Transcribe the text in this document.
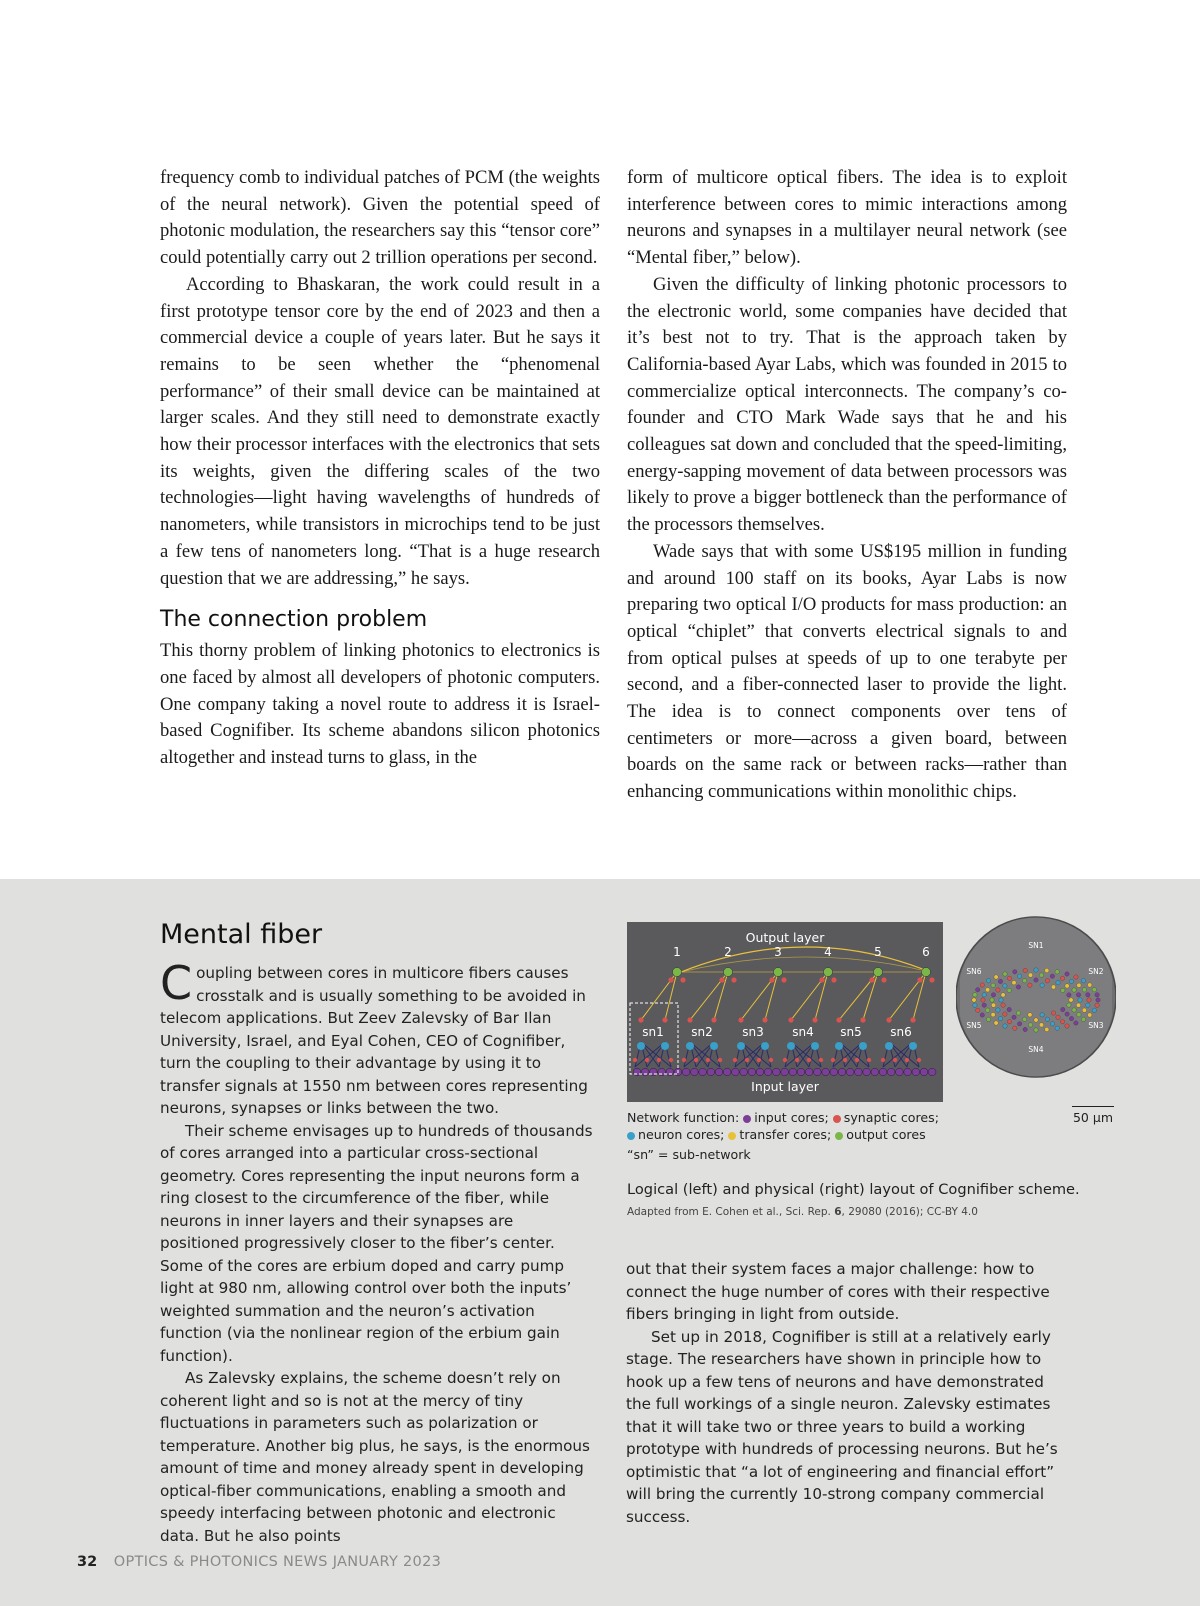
frequency comb to individual patches of PCM (the weights of the neural network). Given the potential speed of photonic modulation, the researchers say this “tensor core” could potentially carry out 2 trillion operations per second.

According to Bhaskaran, the work could result in a first prototype tensor core by the end of 2023 and then a commercial device a couple of years later. But he says it remains to be seen whether the “phenomenal performance” of their small device can be maintained at larger scales. And they still need to demonstrate exactly how their processor interfaces with the electronics that sets its weights, given the differing scales of the two technologies—light having wavelengths of hundreds of nanometers, while transistors in microchips tend to be just a few tens of nanometers long. “That is a huge research question that we are addressing,” he says.

The connection problem

This thorny problem of linking photonics to electronics is one faced by almost all developers of photonic computers. One company taking a novel route to address it is Israel-based Cognifiber. Its scheme abandons silicon photonics altogether and instead turns to glass, in the

form of multicore optical fibers. The idea is to exploit interference between cores to mimic interactions among neurons and synapses in a multilayer neural network (see “Mental fiber,” below).

Given the difficulty of linking photonic processors to the electronic world, some companies have decided that it’s best not to try. That is the approach taken by California-based Ayar Labs, which was founded in 2015 to commercialize optical interconnects. The company’s co-founder and CTO Mark Wade says that he and his colleagues sat down and concluded that the speed-limiting, energy-sapping movement of data between processors was likely to prove a bigger bottleneck than the performance of the processors themselves.

Wade says that with some US$195 million in funding and around 100 staff on its books, Ayar Labs is now preparing two optical I/O products for mass production: an optical “chiplet” that converts electrical signals to and from optical pulses at speeds of up to one terabyte per second, and a fiber-connected laser to provide the light. The idea is to connect components over tens of centimeters or more—across a given board, between boards on the same rack or between racks—rather than enhancing communications within monolithic chips.

Mental fiber

Coupling between cores in multicore fibers causes crosstalk and is usually something to be avoided in telecom applications. But Zeev Zalevsky of Bar Ilan University, Israel, and Eyal Cohen, CEO of Cognifiber, turn the coupling to their advantage by using it to transfer signals at 1550 nm between cores representing neurons, synapses or links between the two.

Their scheme envisages up to hundreds of thousands of cores arranged into a particular cross-sectional geometry. Cores representing the input neurons form a ring closest to the circumference of the fiber, while neurons in inner layers and their synapses are positioned progressively closer to the fiber’s center. Some of the cores are erbium doped and carry pump light at 980 nm, allowing control over both the inputs’ weighted summation and the neuron’s activation function (via the nonlinear region of the erbium gain function).

As Zalevsky explains, the scheme doesn’t rely on coherent light and so is not at the mercy of tiny fluctuations in parameters such as polarization or temperature. Another big plus, he says, is the enormous amount of time and money already spent in developing optical-fiber communications, enabling a smooth and speedy interfacing between photonic and electronic data. But he also points

out that their system faces a major challenge: how to connect the huge number of cores with their respective fibers bringing in light from outside.

Set up in 2018, Cognifiber is still at a relatively early stage. The researchers have shown in principle how to hook up a few tens of neurons and have demonstrated the full workings of a single neuron. Zalevsky estimates that it will take two or three years to build a working prototype with hundreds of processing neurons. But he’s optimistic that “a lot of engineering and financial effort” will bring the currently 10-strong company commercial success.

Output layer
Input layer
1	2	3	4	5	6
sn1 sn2 sn3 sn4 sn5 sn6
SN1
SN2
SN3
SN4
SN5
SN6
Network function: input cores; synaptic cores;
neuron cores; transfer cores; output cores
“sn” = sub-network
50 µm
Logical (left) and physical (right) layout of Cognifiber scheme.
Adapted from E. Cohen et al., Sci. Rep. 6, 29080 (2016); CC-BY 4.0
32 OPTICS & PHOTONICS NEWS JANUARY 2023
